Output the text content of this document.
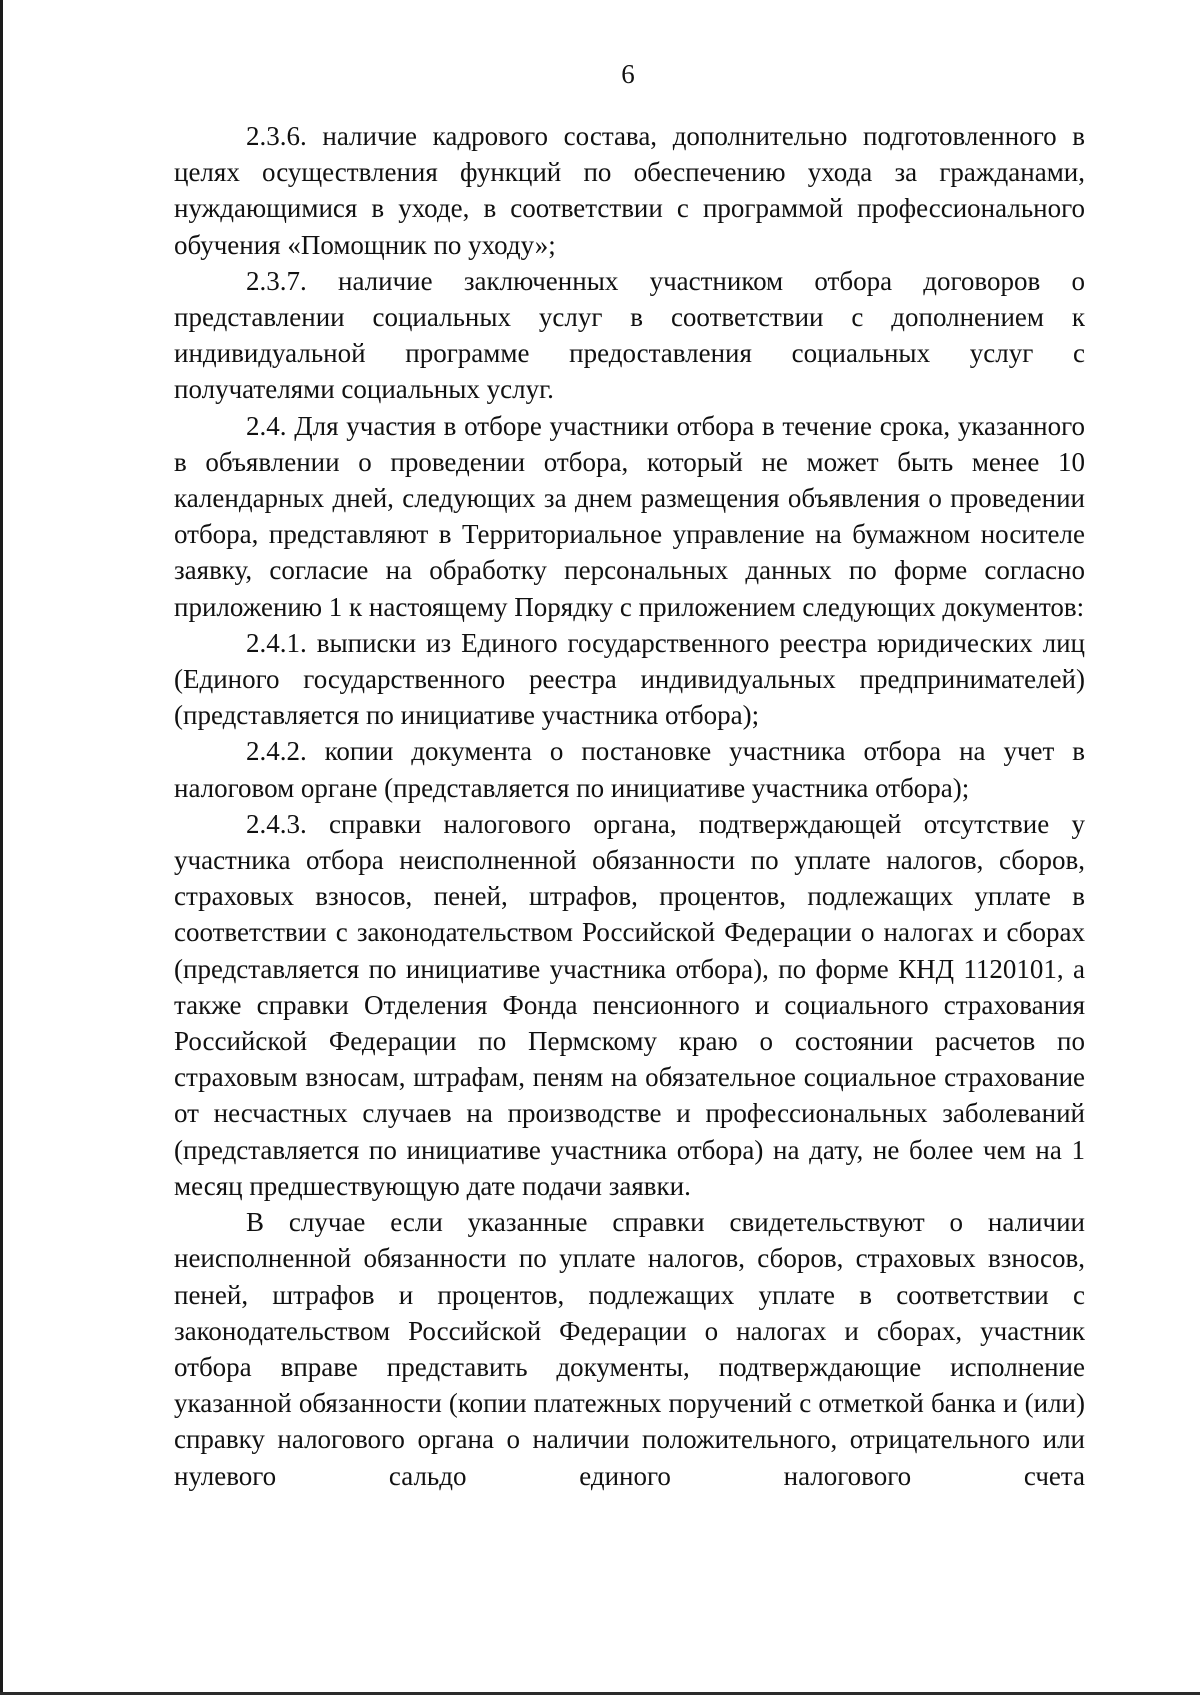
6

2.3.6. наличие кадрового состава, дополнительно подготовленного в целях осуществления функций по обеспечению ухода за гражданами, нуждающимися в уходе, в соответствии с программой профессионального обучения «Помощник по уходу»;

2.3.7. наличие заключенных участником отбора договоров о представлении социальных услуг в соответствии с дополнением к индивидуальной программе предоставления социальных услуг с получателями социальных услуг.

2.4. Для участия в отборе участники отбора в течение срока, указанного в объявлении о проведении отбора, который не может быть менее 10 календарных дней, следующих за днем размещения объявления о проведении отбора, представляют в Территориальное управление на бумажном носителе заявку, согласие на обработку персональных данных по форме согласно приложению 1 к настоящему Порядку с приложением следующих документов:

2.4.1. выписки из Единого государственного реестра юридических лиц (Единого государственного реестра индивидуальных предпринимателей) (представляется по инициативе участника отбора);

2.4.2. копии документа о постановке участника отбора на учет в налоговом органе (представляется по инициативе участника отбора);

2.4.3. справки налогового органа, подтверждающей отсутствие у участника отбора неисполненной обязанности по уплате налогов, сборов, страховых взносов, пеней, штрафов, процентов, подлежащих уплате в соответствии с законодательством Российской Федерации о налогах и сборах (представляется по инициативе участника отбора), по форме КНД 1120101, а также справки Отделения Фонда пенсионного и социального страхования Российской Федерации по Пермскому краю о состоянии расчетов по страховым взносам, штрафам, пеням на обязательное социальное страхование от несчастных случаев на производстве и профессиональных заболеваний (представляется по инициативе участника отбора) на дату, не более чем на 1 месяц предшествующую дате подачи заявки.

В случае если указанные справки свидетельствуют о наличии неисполненной обязанности по уплате налогов, сборов, страховых взносов, пеней, штрафов и процентов, подлежащих уплате в соответствии с законодательством Российской Федерации о налогах и сборах, участник отбора вправе представить документы, подтверждающие исполнение указанной обязанности (копии платежных поручений с отметкой банка и (или) справку налогового органа о наличии положительного, отрицательного или нулевого сальдо единого налогового счета
